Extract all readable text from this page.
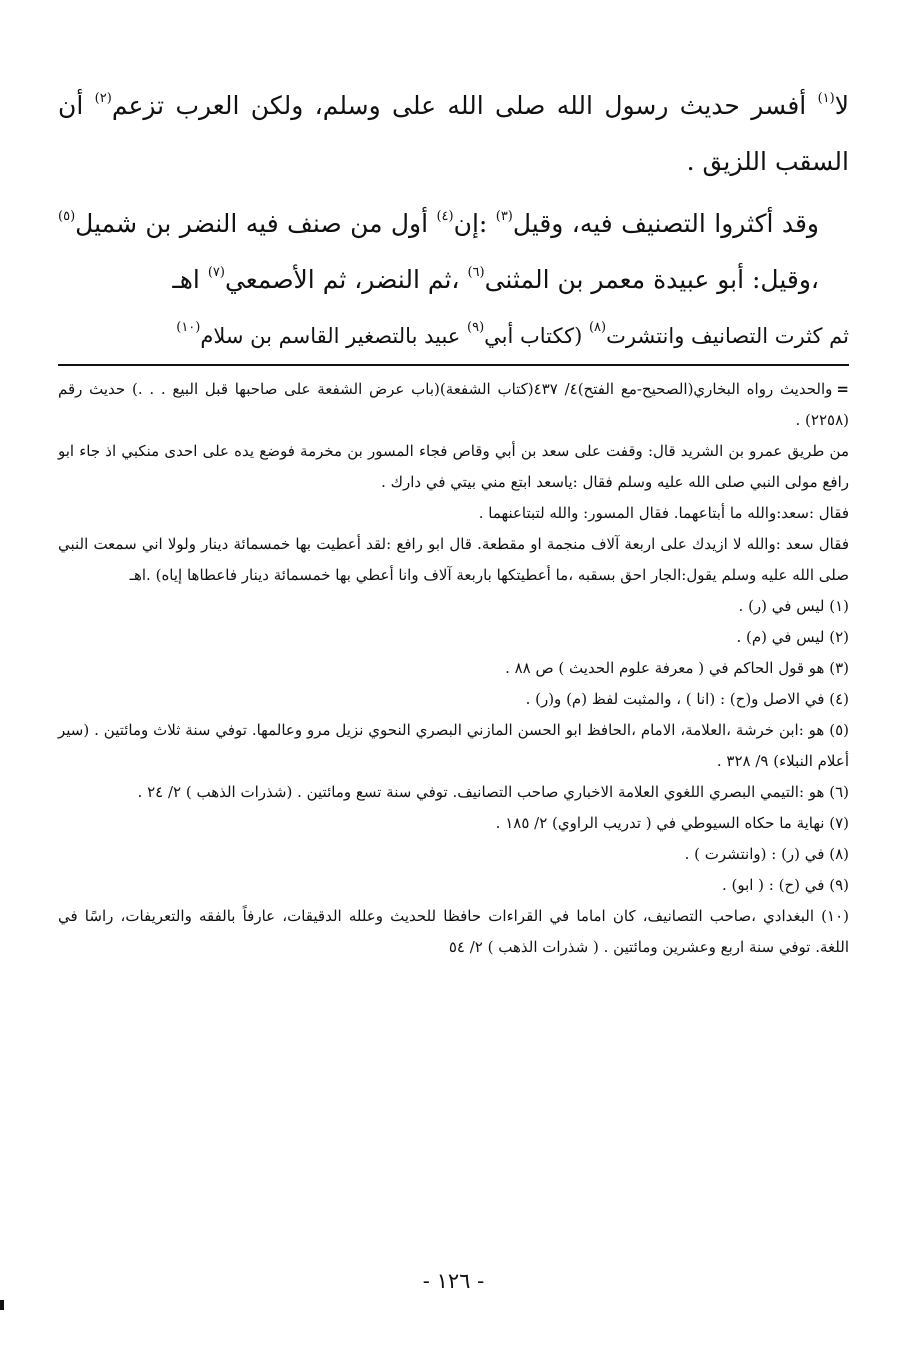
لا$^{(١)}$ أفسر حديث رسول الله صلى الله على وسلم، ولكن العرب تزعم$^{(٢)}$ أن السقب اللزيق .

وقد أكثروا التصنيف فيه، وقيل$^{(٣)}$ :إن$^{(٤)}$ أول من صنف فيه النضر بن شميل$^{(٥)}$ ،وقيل: أبو عبيدة معمر بن المثنى$^{(٦)}$ ،ثم النضر، ثم الأصمعي$^{(٧)}$ اهـ

ثم كثرت التصانيف وانتشرت$^{(٨)}$ (ككتاب أبي$^{(٩)}$ عبيد بالتصغير القاسم بن سلام$^{(١٠)}$

=والحديث رواه البخاري(الصحيح-مع الفتح)٤/ ٤٣٧(كتاب الشفعة)(باب عرض الشفعة على صاحبها قبل البيع . . .) حديث رقم (٢٢٥٨) .

من طريق عمرو بن الشريد قال: وقفت على سعد بن أبي وقاص فجاء المسور بن مخرمة فوضع يده على احدى منكبي اذ جاء ابو رافع مولى النبي صلى الله عليه وسلم فقال :ياسعد ابتع مني بيتي في دارك .

فقال :سعد:والله ما أبتاعهما. فقال المسور: والله لتبتاعنهما .

فقال سعد :والله لا ازيدك على اربعة آلاف منجمة او مقطعة. قال ابو رافع :لقد أعطيت بها خمسمائة دينار ولولا اني سمعت النبي صلى الله عليه وسلم يقول:الجار احق بسقبه ،ما أعطيتكها باربعة آلاف وانا أعطي بها خمسمائة دينار فاعطاها إياه) .اهـ

(١) ليس في (ر) .

(٢) ليس في (م) .

(٣) هو قول الحاكم في ( معرفة علوم الحديث ) ص ٨٨ .

(٤) في الاصل و(ح) : (انا ) ، والمثبت لفظ (م) و(ر) .

(٥) هو :ابن خرشة ،العلامة، الامام ،الحافظ ابو الحسن المازني البصري النحوي نزيل مرو وعالمها. توفي سنة ثلاث ومائتين . (سير أعلام النبلاء) ٩/ ٣٢٨ .

(٦) هو :التيمي البصري اللغوي العلامة الاخباري صاحب التصانيف. توفي سنة تسع ومائتين . (شذرات الذهب ) ٢/ ٢٤ .

(٧) نهاية ما حكاه السيوطي في ( تدريب الراوي) ٢/ ١٨٥ .

(٨) في (ر) : (وانتشرت ) .

(٩) في (ح) : ( ابو) .

(١٠) البغدادي ،صاحب التصانيف، كان اماما في القراءات حافظا للحديث وعلله الدقيقات، عارفاً بالفقه والتعريفات، راسًا في اللغة. توفي سنة اربع وعشرين ومائتين . ( شذرات الذهب ) ٢/ ٥٤

- ١٢٦ -
